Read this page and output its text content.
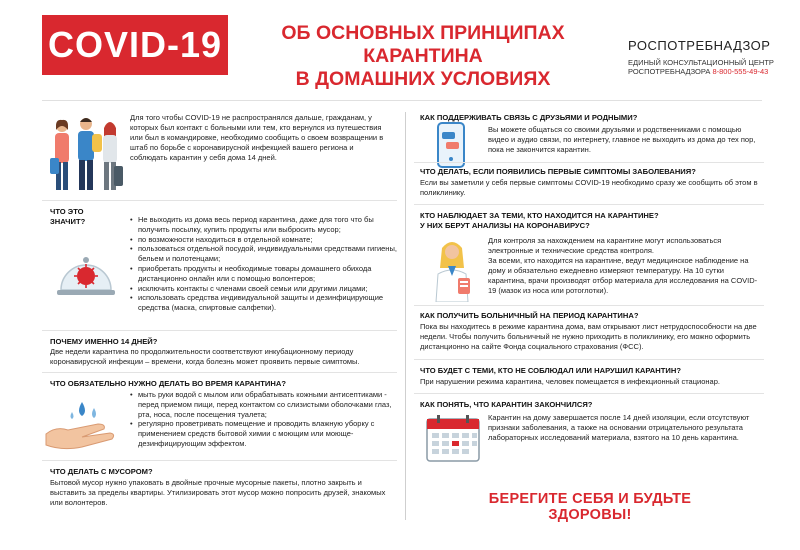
COVID-19	ОБ ОСНОВНЫХ ПРИНЦИПАХ КАРАНТИНА
В ДОМАШНИХ УСЛОВИЯХ
РОСПОТРЕБНАДЗОР
ЕДИНЫЙ КОНСУЛЬТАЦИОННЫЙ ЦЕНТР
РОСПОТРЕБНАДЗОРА 8-800-555-49-43
Для того чтобы COVID-19 не распространялся дальше, гражданам, у которых был контакт с больными или тем, кто вернулся из путешествия или был в командировке, необходимо сообщить о своем возвращении в штаб по борьбе с коронавирусной инфекцией вашего региона и соблюдать карантин у себя дома 14 дней.
ЧТО ЭТО ЗНАЧИТ?
•	Не выходить из дома весь период карантина, даже для того что бы получить посылку, купить продукты или выбросить мусор;
• по возможности находиться в отдельной комнате;
• пользоваться отдельной посудой, индивидуальными средствами гигиены, бельем и полотенцами;
• приобретать продукты и необходимые товары домашнего обихода дистанционно онлайн или с помощью волонтеров;
• исключить контакты с членами своей семьи или другими лицами;
• использовать средства индивидуальной защиты и дезинфицирующие средства (маска, спиртовые салфетки).
ПОЧЕМУ ИМЕННО 14 ДНЕЙ?
Две недели карантина по продолжительности соответствуют инкубационному периоду коронавирусной инфекции – времени, когда болезнь может проявить первые симптомы.
ЧТО ОБЯЗАТЕЛЬНО НУЖНО ДЕЛАТЬ ВО ВРЕМЯ КАРАНТИНА?
• мыть руки водой с мылом или обрабатывать кожными антисептиками - перед приемом пищи, перед контактом со слизистыми оболочками глаз, рта, носа, после посещения туалета;
• регулярно проветривать помещение и проводить влажную уборку с применением средств бытовой химии с моющим или моюще-дезинфицирующим эффектом.
ЧТО ДЕЛАТЬ С МУСОРОМ?
Бытовой мусор нужно упаковать в двойные прочные мусорные пакеты, плотно закрыть и выставить за пределы квартиры. Утилизировать этот мусор можно попросить друзей, знакомых или волонтеров.
КАК ПОДДЕРЖИВАТЬ СВЯЗЬ С ДРУЗЬЯМИ И РОДНЫМИ?
Вы можете общаться со своими друзьями и родственниками с помощью видео и аудио связи, по интернету, главное не выходить из дома до тех пор, пока не закончится карантин.
ЧТО ДЕЛАТЬ, ЕСЛИ ПОЯВИЛИСЬ ПЕРВЫЕ СИМПТОМЫ ЗАБОЛЕВАНИЯ?
Если вы заметили у себя первые симптомы COVID-19 необходимо сразу же сообщить об этом в поликлинику.
КТО НАБЛЮДАЕТ ЗА ТЕМИ, КТО НАХОДИТСЯ НА КАРАНТИНЕ?
У НИХ БЕРУТ АНАЛИЗЫ НА КОРОНАВИРУС?
Для контроля за нахождением на карантине могут использоваться электронные и технические средства контроля.
За всеми, кто находится на карантине, ведут медицинское наблюдение на дому и обязательно ежедневно измеряют температуру. На 10 сутки карантина, врачи производят отбор материала для исследования на COVID-19 (мазок из носа или ротоглотки).
КАК ПОЛУЧИТЬ БОЛЬНИЧНЫЙ НА ПЕРИОД КАРАНТИНА?
Пока вы находитесь в режиме карантина дома, вам открывают лист нетрудоспособности на две недели. Чтобы получить больничный не нужно приходить в поликлинику, его можно оформить дистанционно на сайте Фонда социального страхования (ФСС).
ЧТО БУДЕТ С ТЕМИ, КТО НЕ СОБЛЮДАЛ ИЛИ НАРУШИЛ КАРАНТИН?
При нарушении режима карантина, человек помещается в инфекционный стационар.
КАК ПОНЯТЬ, ЧТО КАРАНТИН ЗАКОНЧИЛСЯ?
Карантин на дому завершается после 14 дней изоляции, если отсутствуют признаки заболевания, а также на основании отрицательного результата лабораторных исследований материала, взятого на 10 день карантина.
БЕРЕГИТЕ СЕБЯ И БУДЬТЕ ЗДОРОВЫ!
